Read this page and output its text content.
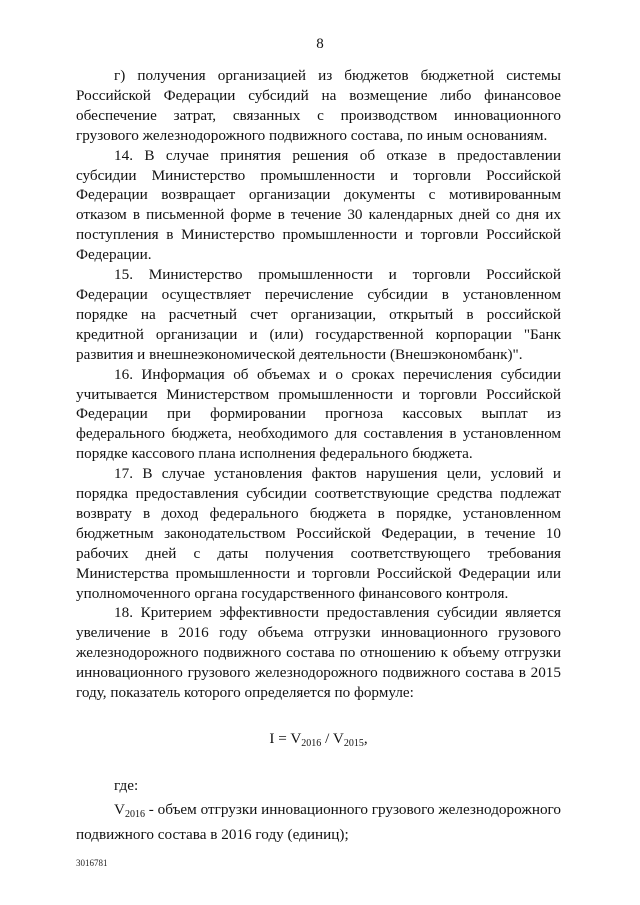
8

г) получения организацией из бюджетов бюджетной системы Российской Федерации субсидий на возмещение либо финансовое обеспечение затрат, связанных с производством инновационного грузового железнодорожного подвижного состава, по иным основаниям.

14. В случае принятия решения об отказе в предоставлении субсидии Министерство промышленности и торговли Российской Федерации возвращает организации документы с мотивированным отказом в письменной форме в течение 30 календарных дней со дня их поступления в Министерство промышленности и торговли Российской Федерации.

15. Министерство промышленности и торговли Российской Федерации осуществляет перечисление субсидии в установленном порядке на расчетный счет организации, открытый в российской кредитной организации и (или) государственной корпорации "Банк развития и внешнеэкономической деятельности (Внешэкономбанк)".

16. Информация об объемах и о сроках перечисления субсидии учитывается Министерством промышленности и торговли Российской Федерации при формировании прогноза кассовых выплат из федерального бюджета, необходимого для составления в установленном порядке кассового плана исполнения федерального бюджета.

17. В случае установления фактов нарушения цели, условий и порядка предоставления субсидии соответствующие средства подлежат возврату в доход федерального бюджета в порядке, установленном бюджетным законодательством Российской Федерации, в течение 10 рабочих дней с даты получения соответствующего требования Министерства промышленности и торговли Российской Федерации или уполномоченного органа государственного финансового контроля.

18. Критерием эффективности предоставления субсидии является увеличение в 2016 году объема отгрузки инновационного грузового железнодорожного подвижного состава по отношению к объему отгрузки инновационного грузового железнодорожного подвижного состава в 2015 году, показатель которого определяется по формуле:

$I = V_{2016} / V_{2015}$,

где:

$V_{2016}$ - объем отгрузки инновационного грузового железнодорожного подвижного состава в 2016 году (единиц);

3016781
